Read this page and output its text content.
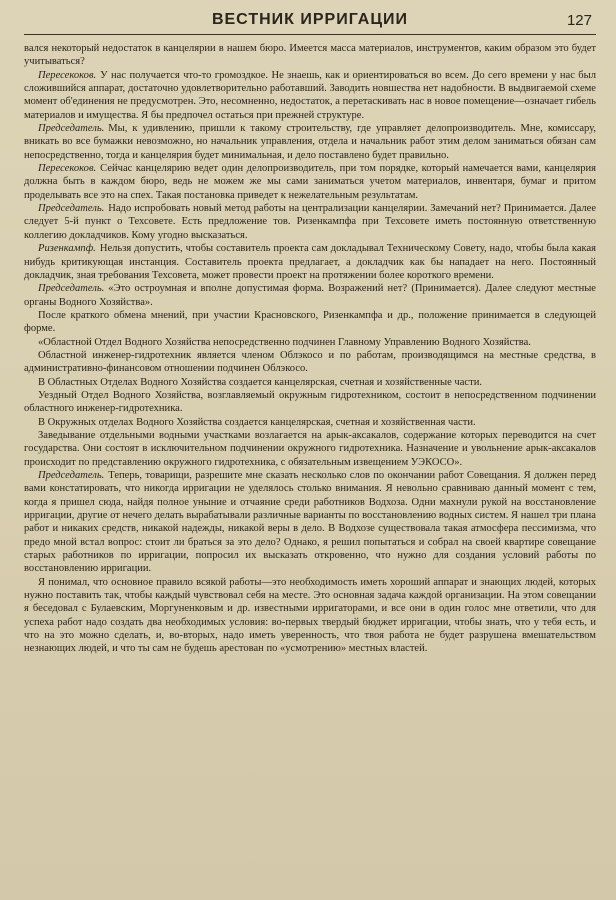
ВЕСТНИК ИРРИГАЦИИ	127

вался некоторый недостаток в канцелярии в нашем бюро. Имеется масса материалов, инструментов, каким образом это будет учитываться?

Пересекоков. У нас получается что-то громоздкое. Не знаешь, как и ориентироваться во всем. До сего времени у нас был сложившийся аппарат, достаточно удовлетворительно работавший. Заводить новшества нет надобности. В выдвигаемой схеме момент об'единения не предусмотрен. Это, несомненно, недостаток, а перетаскивать нас в новое помещение—означает гибель материалов и имущества. Я бы предпочел остаться при прежней структуре.

Председатель. Мы, к удивлению, пришли к такому строительству, где управляет делопроизводитель. Мне, комиссару, вникать во все бумажки невозможно, но начальник управления, отдела и начальник работ этим делом заниматься обязан сам непосредственно, тогда и канцелярия будет минимальная, и дело поставлено будет правильно.

Пересекоков. Сейчас канцелярию ведет один делопроизводитель, при том порядке, который намечается вами, канцелярия должна быть в каждом бюро, ведь не можем же мы сами заниматься учетом материалов, инвентаря, бумаг и притом проделывать все это на спех. Такая постановка приведет к нежелательным результатам.

Председатель. Надо испробовать новый метод работы на централизации канцелярии. Замечаний нет? Принимается. Далее следует 5-й пункт о Техсовете. Есть предложение тов. Ризенкампфа при Техсовете иметь постоянную ответственную коллегию докладчиков. Кому угодно высказаться.

Ризенкампф. Нельзя допустить, чтобы составитель проекта сам докладывал Техническому Совету, надо, чтобы была какая нибудь критикующая инстанция. Составитель проекта предлагает, а докладчик как бы нападает на него. Постоянный докладчик, зная требования Техсовета, может провести проект на протяжении более короткого времени.

Председатель. «Это остроумная и вполне допустимая форма. Возражений нет? (Принимается). Далее следуют местные органы Водного Хозяйства».

После краткого обмена мнений, при участии Красновского, Ризенкампфа и др., положение принимается в следующей форме.

«Областной Отдел Водного Хозяйства непосредственно подчинен Главному Управлению Водного Хозяйства.

Областной инженер-гидротехник является членом Облэкосо и по работам, производящимся на местные средства, в административно-финансовом отношении подчинен Облэкосо.

В Областных Отделах Водного Хозяйства создается канцелярская, счетная и хозяйственные части.

Уездный Отдел Водного Хозяйства, возглавляемый окружным гидротехником, состоит в непосредственном подчинении областного инженер-гидротехника.

В Окружных отделах Водного Хозяйства создается канцелярская, счетная и хозяйственная части.

Заведывание отдельными водными участками возлагается на арык-аксакалов, содержание которых переводится на счет государства. Они состоят в исключительном подчинении окружного гидротехника. Назначение и увольнение арык-аксакалов происходит по представлению окружного гидротехника, с обязательным извещением УЭКОСО».

Председатель. Теперь, товарищи, разрешите мне сказать несколько слов по окончании работ Совещания. Я должен перед вами констатировать, что никогда ирригации не уделялось столько внимания. Я невольно сравниваю данный момент с тем, когда я пришел сюда, найдя полное уныние и отчаяние среди работников Водхоза. Одни махнули рукой на восстановление ирригации, другие от нечего делать вырабатывали различные варианты по восстановлению водных систем. Я нашел три плана работ и никаких средств, никакой надежды, никакой веры в дело. В Водхозе существовала такая атмосфера пессимизма, что предо мной встал вопрос: стоит ли браться за это дело? Однако, я решил попытаться и собрал на своей квартире совещание старых работников по ирригации, попросил их высказать откровенно, что нужно для создания условий работы по восстановлению ирригации.

Я понимал, что основное правило всякой работы—это необходимость иметь хороший аппарат и знающих людей, которых нужно поставить так, чтобы каждый чувствовал себя на месте. Это основная задача каждой организации. На этом совещании я беседовал с Булаевским, Моргуненковым и др. известными ирригаторами, и все они в один голос мне ответили, что для успеха работ надо создать два необходимых условия: во-первых твердый бюджет ирригации, чтобы знать, что у тебя есть, и что на это можно сделать, и, во-вторых, надо иметь уверенность, что твоя работа не будет разрушена вмешательством незнающих людей, и что ты сам не будешь арестован по «усмотрению» местных властей.
